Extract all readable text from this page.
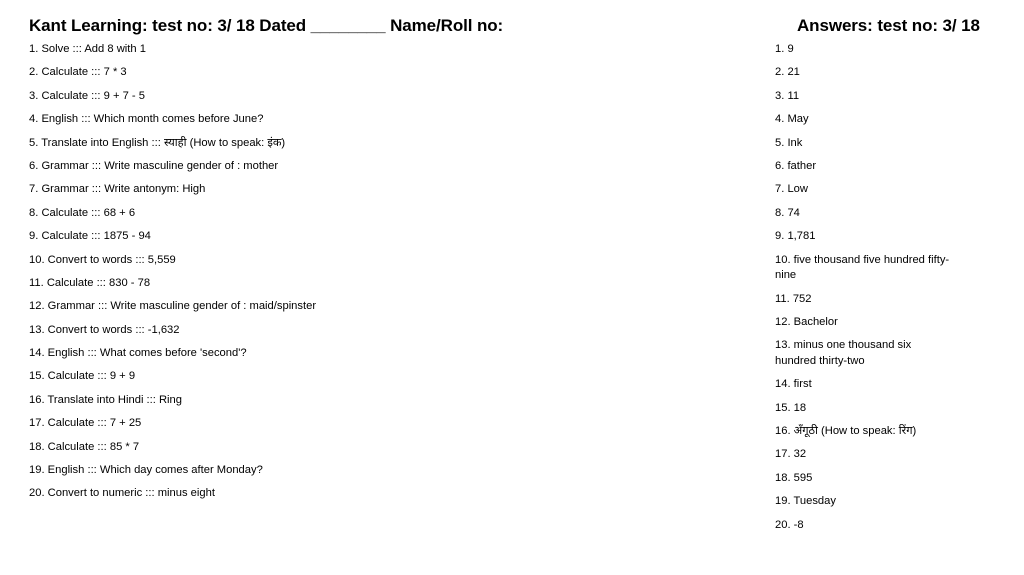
Kant Learning: test no: 3/ 18 Dated ________ Name/Roll no:	Answers: test no: 3/ 18
1. Solve ::: Add 8 with 1
2. Calculate ::: 7 * 3
3. Calculate ::: 9 + 7 - 5
4. English ::: Which month comes before June?
5. Translate into English ::: स्याही (How to speak: इंक)
6. Grammar ::: Write masculine gender of : mother
7. Grammar ::: Write antonym: High
8. Calculate ::: 68 + 6
9. Calculate ::: 1875 - 94
10. Convert to words ::: 5,559
11. Calculate ::: 830 - 78
12. Grammar ::: Write masculine gender of : maid/spinster
13. Convert to words ::: -1,632
14. English ::: What comes before 'second'?
15. Calculate ::: 9 + 9
16. Translate into Hindi ::: Ring
17. Calculate ::: 7 + 25
18. Calculate ::: 85 * 7
19. English ::: Which day comes after Monday?
20. Convert to numeric ::: minus eight
1. 9
2. 21
3. 11
4. May
5. Ink
6. father
7. Low
8. 74
9. 1,781
10. five thousand five hundred fifty-nine
11. 752
12. Bachelor
13. minus one thousand six hundred thirty-two
14. first
15. 18
16. अँगूठी (How to speak: रिंग)
17. 32
18. 595
19. Tuesday
20. -8
